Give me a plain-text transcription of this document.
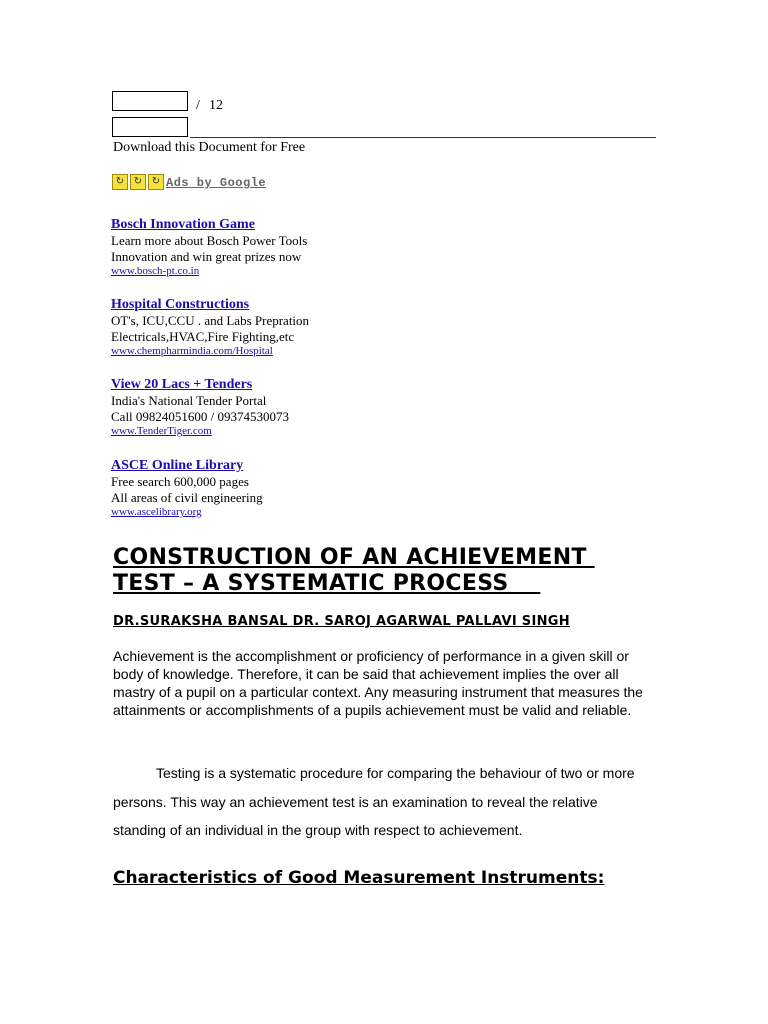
/ 12
Download this Document for Free
↻ ↻ ↻ Ads by Google
Bosch Innovation Game
Learn more about Bosch Power Tools
Innovation and win great prizes now
www.bosch-pt.co.in
Hospital Constructions
OT's, ICU,CCU . and Labs Prepration
Electricals,HVAC,Fire Fighting,etc
www.chempharmindia.com/Hospital
View 20 Lacs + Tenders
India's National Tender Portal
Call 09824051600 / 09374530073
www.TenderTiger.com
ASCE Online Library
Free search 600,000 pages
All areas of civil engineering
www.ascelibrary.org
CONSTRUCTION OF AN ACHIEVEMENT
TEST – A SYSTEMATIC PROCESS
DR.SURAKSHA BANSAL DR. SAROJ AGARWAL PALLAVI SINGH
Achievement is the accomplishment or proficiency of performance in a given skill or body of knowledge. Therefore, it can be said that achievement implies the over all mastry of a pupil on a particular context. Any measuring instrument that measures the attainments or accomplishments of a pupils achievement must be valid and reliable.
Testing is a systematic procedure for comparing the behaviour of two or more persons. This way an achievement test is an examination to reveal the relative standing of an individual in the group with respect to achievement.
Characteristics of Good Measurement Instruments:
